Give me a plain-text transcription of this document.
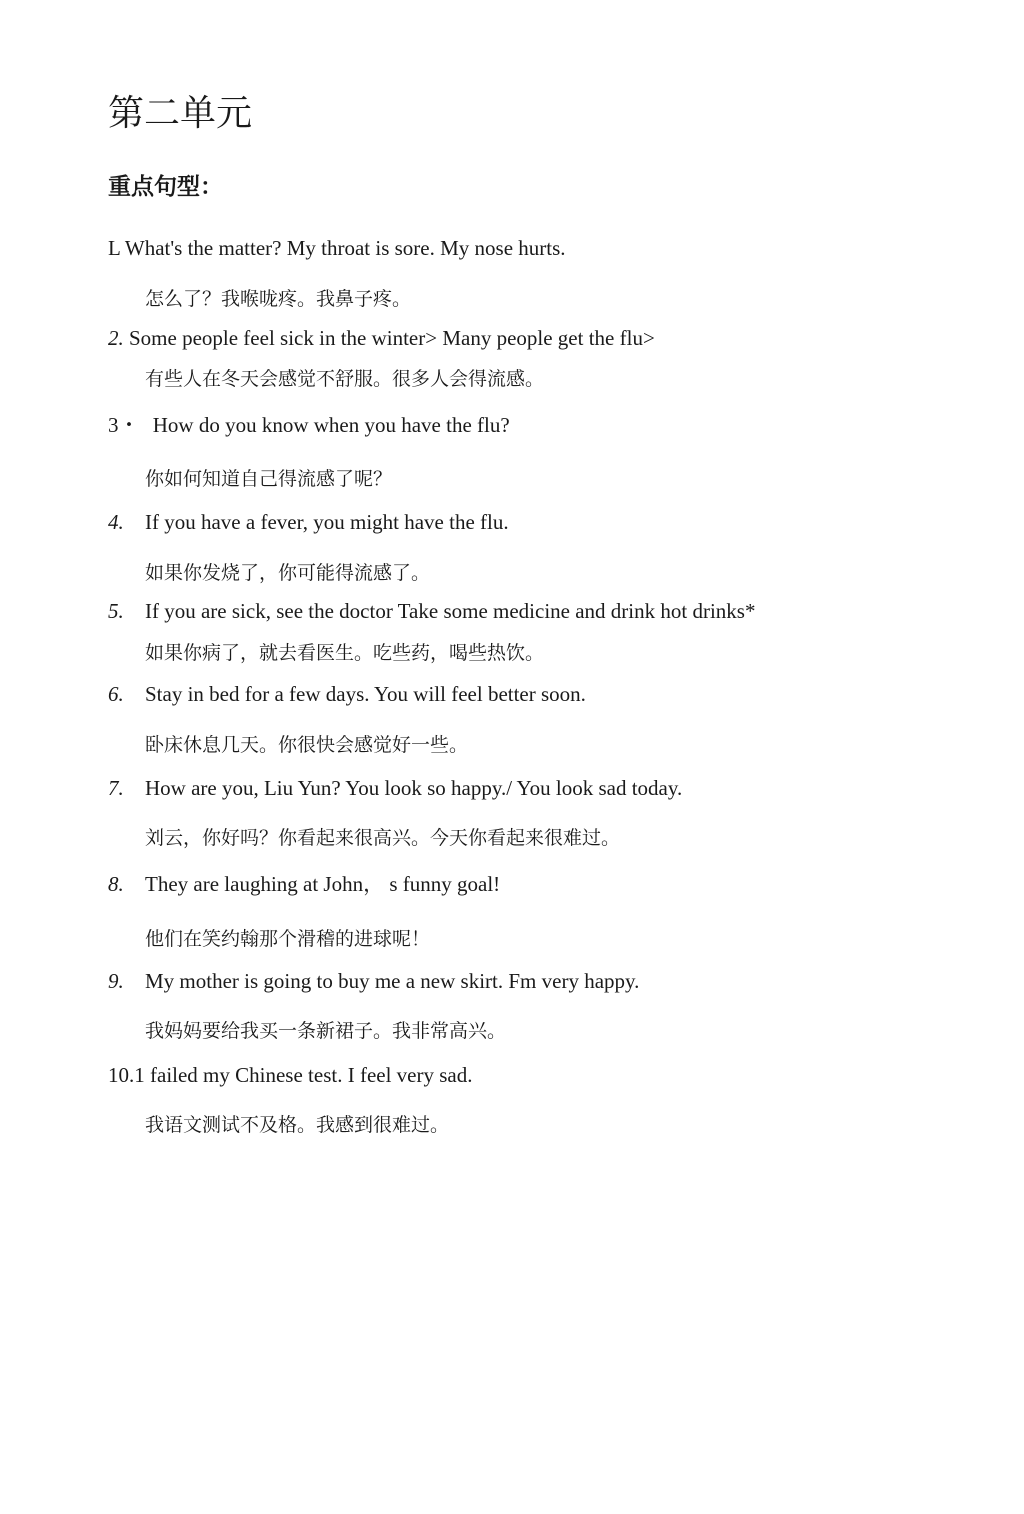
第二单元
重点句型：
L What's the matter? My throat is sore. My nose hurts.
怎么了？我喉咙疼。我鼻子疼。
2. Some people feel sick in the winter> Many people get the flu>
有些人在冬天会感觉不舒服。很多人会得流感。
3・ How do you know when you have the flu?
你如何知道自己得流感了呢？
4. If you have a fever, you might have the flu.
如果你发烧了，你可能得流感了。
5. If you are sick, see the doctor Take some medicine and drink hot drinks*
如果你病了，就去看医生。吃些药，喝些热饮。
6. Stay in bed for a few days. You will feel better soon.
卧床休息几天。你很快会感觉好一些。
7. How are you, Liu Yun? You look so happy./ You look sad today.
刘云，你好吗？你看起来很高兴。今天你看起来很难过。
8. They are laughing at John， s funny goal!
他们在笑约翰那个滑稽的进球呢！
9. My mother is going to buy me a new skirt. Fm very happy.
我妈妈要给我买一条新裙子。我非常高兴。
10.1 failed my Chinese test. I feel very sad.
我语文测试不及格。我感到很难过。
